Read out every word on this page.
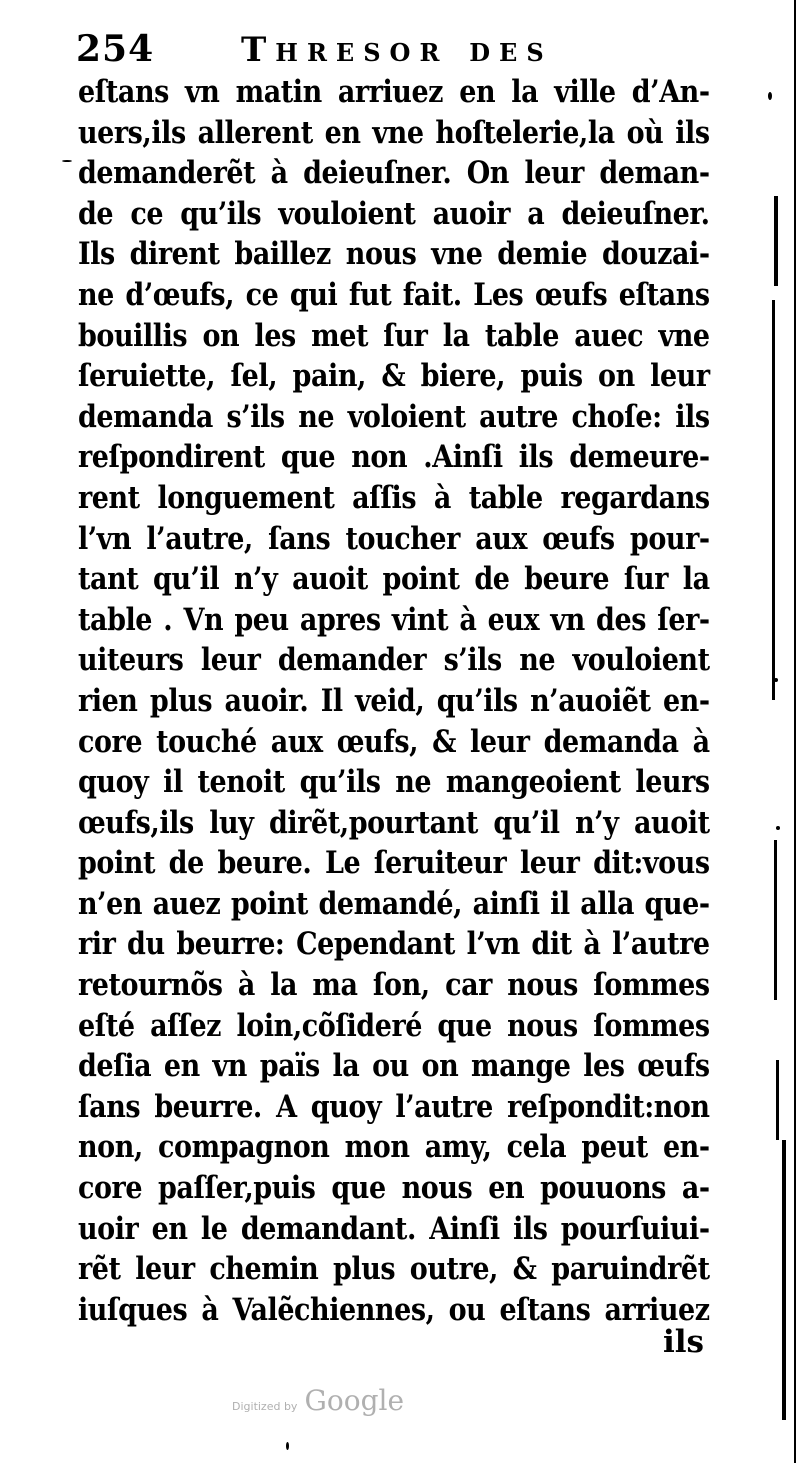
254	Thresor des
eſtans vn matin arriuez en la ville d’An-
uers,ils allerent en vne hoſtelerie,la où ils
demanderẽt à deieuſner. On leur deman-
de ce qu’ils vouloient auoir a deieuſner.
Ils dirent baillez nous vne demie douzai-
ne d’œufs, ce qui fut fait. Les œufs eſtans
bouillis on les met ſur la table auec vne
ſeruiette, ſel, pain, & biere, puis on leur
demanda s’ils ne voloient autre choſe: ils
reſpondirent que non .Ainſi ils demeure-
rent longuement aſſis à table regardans
l’vn l’autre, ſans toucher aux œufs pour-
tant qu’il n’y auoit point de beure ſur la
table . Vn peu apres vint à eux vn des ſer-
uiteurs leur demander s’ils ne vouloient
rien plus auoir. Il veid, qu’ils n’auoiẽt en-
core touché aux œufs, & leur demanda à
quoy il tenoit qu’ils ne mangeoient leurs
œufs,ils luy dirẽt,pourtant qu’il n’y auoit
point de beure. Le ſeruiteur leur dit:vous
n’en auez point demandé, ainſi il alla que-
rir du beurre: Cependant l’vn dit à l’autre
retournõs à la ma ſon, car nous ſommes
eſté aſſez loin,cõſideré que nous ſommes
deſia en vn païs la ou on mange les œufs
ſans beurre. A quoy l’autre reſpondit:non
non, compagnon mon amy, cela peut en-
core paſſer,puis que nous en pouuons a-
uoir en le demandant. Ainſi ils pourſuiui-
rẽt leur chemin plus outre, & paruindrẽt
iuſques à Valẽchiennes, ou eſtans arriuez
ils
Digitized by Google
